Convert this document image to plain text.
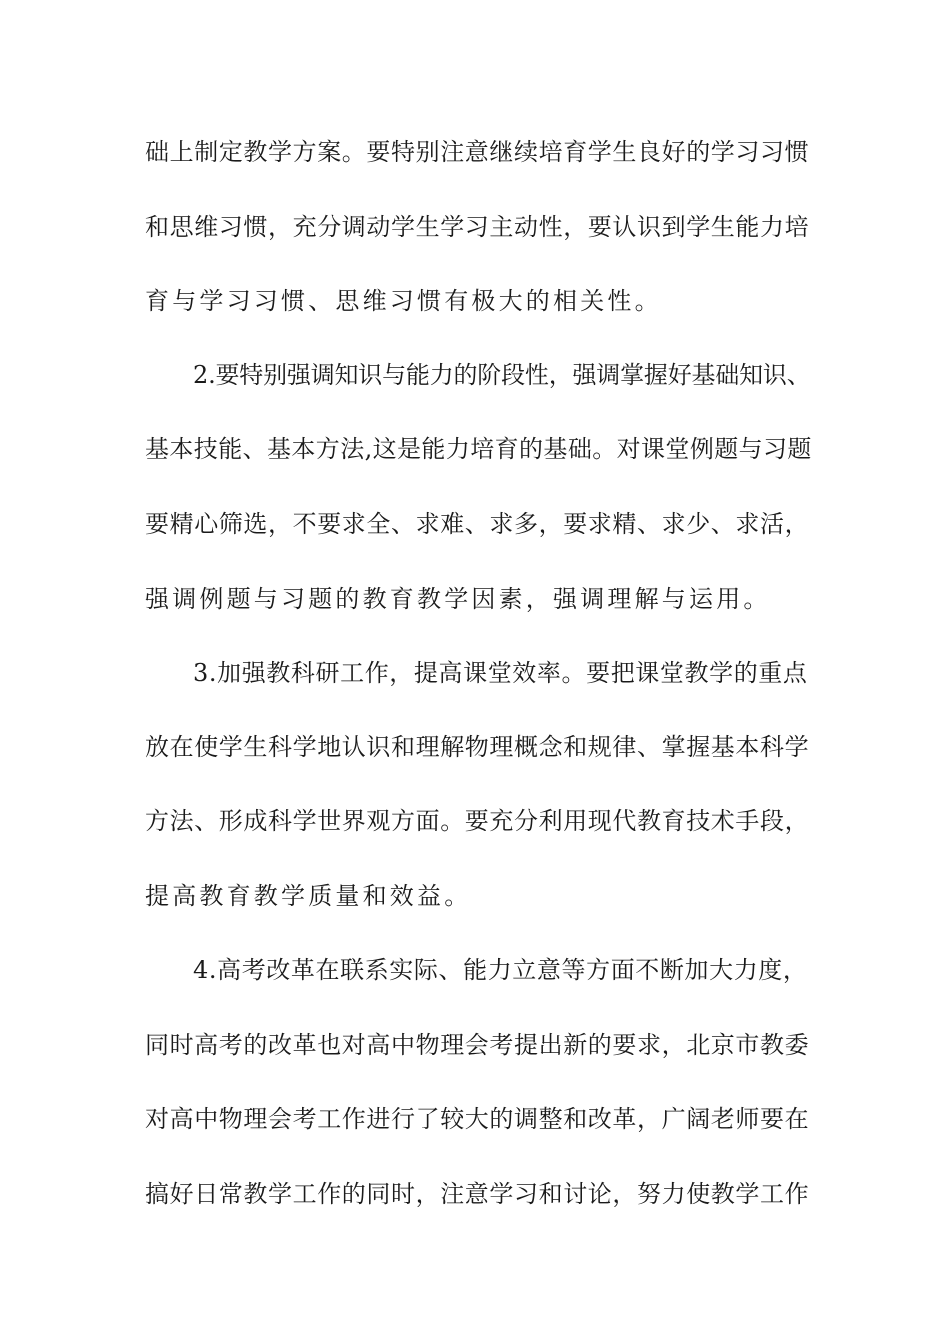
础上制定教学方案。要特别注意继续培育学生良好的学习习惯
和思维习惯，充分调动学生学习主动性，要认识到学生能力培
育与学习习惯、思维习惯有极大的相关性。
2.要特别强调知识与能力的阶段性，强调掌握好基础知识、
基本技能、基本方法,这是能力培育的基础。对课堂例题与习题
要精心筛选，不要求全、求难、求多，要求精、求少、求活，
强调例题与习题的教育教学因素，强调理解与运用。
3.加强教科研工作，提高课堂效率。要把课堂教学的重点
放在使学生科学地认识和理解物理概念和规律、掌握基本科学
方法、形成科学世界观方面。要充分利用现代教育技术手段，
提高教育教学质量和效益。
4.高考改革在联系实际、能力立意等方面不断加大力度，
同时高考的改革也对高中物理会考提出新的要求，北京市教委
对高中物理会考工作进行了较大的调整和改革，广阔老师要在
搞好日常教学工作的同时，注意学习和讨论，努力使教学工作
